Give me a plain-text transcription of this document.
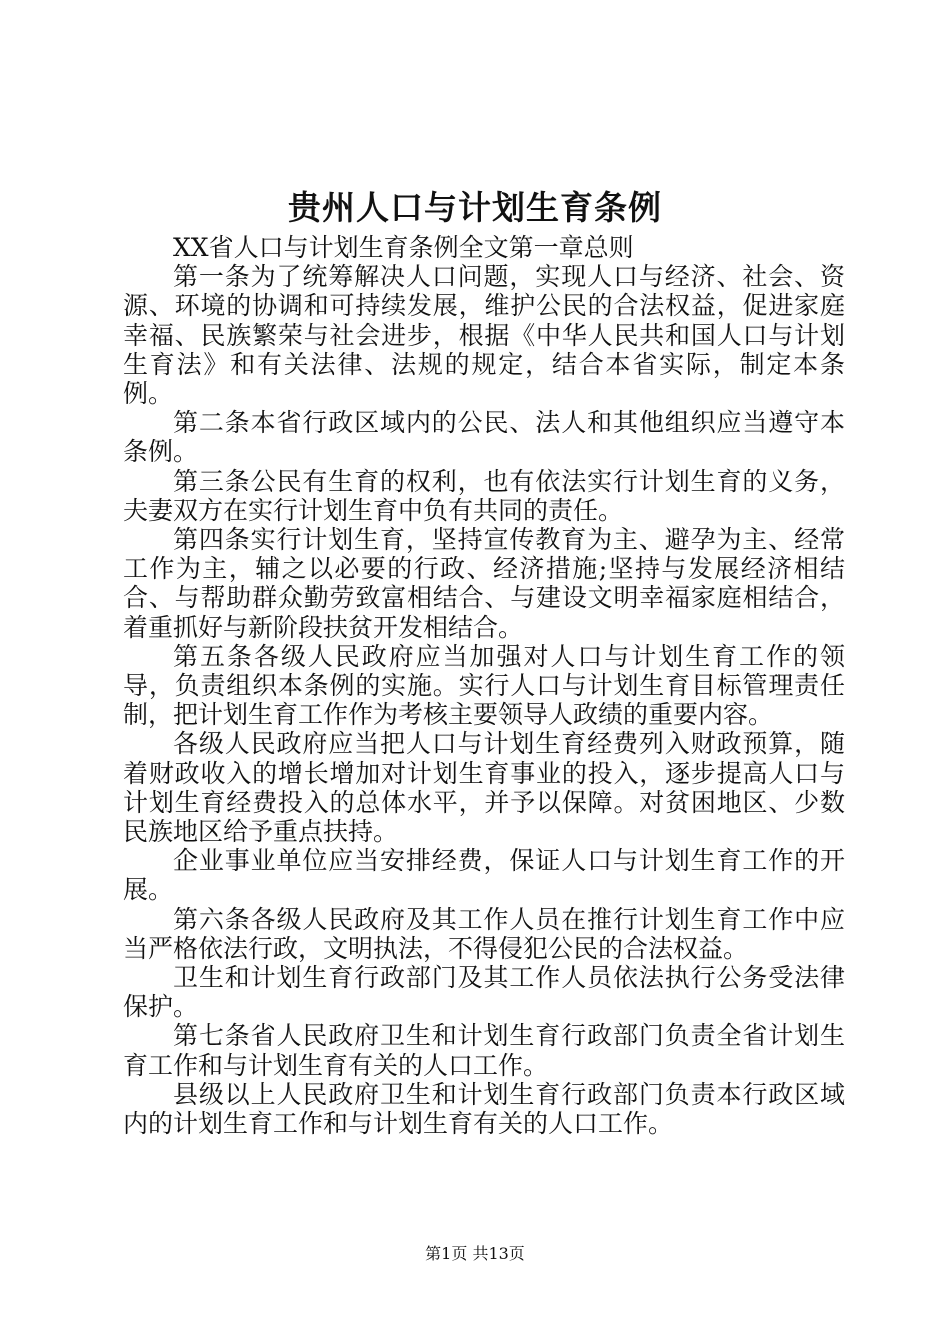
贵州人口与计划生育条例

XX省人口与计划生育条例全文第一章总则

第一条为了统筹解决人口问题，实现人口与经济、社会、资源、环境的协调和可持续发展，维护公民的合法权益，促进家庭幸福、民族繁荣与社会进步，根据《中华人民共和国人口与计划生育法》和有关法律、法规的规定，结合本省实际，制定本条例。

第二条本省行政区域内的公民、法人和其他组织应当遵守本条例。

第三条公民有生育的权利，也有依法实行计划生育的义务，夫妻双方在实行计划生育中负有共同的责任。

第四条实行计划生育，坚持宣传教育为主、避孕为主、经常工作为主，辅之以必要的行政、经济措施;坚持与发展经济相结合、与帮助群众勤劳致富相结合、与建设文明幸福家庭相结合，着重抓好与新阶段扶贫开发相结合。

第五条各级人民政府应当加强对人口与计划生育工作的领导，负责组织本条例的实施。实行人口与计划生育目标管理责任制，把计划生育工作作为考核主要领导人政绩的重要内容。

各级人民政府应当把人口与计划生育经费列入财政预算，随着财政收入的增长增加对计划生育事业的投入，逐步提高人口与计划生育经费投入的总体水平，并予以保障。对贫困地区、少数民族地区给予重点扶持。

企业事业单位应当安排经费，保证人口与计划生育工作的开展。

第六条各级人民政府及其工作人员在推行计划生育工作中应当严格依法行政，文明执法，不得侵犯公民的合法权益。

卫生和计划生育行政部门及其工作人员依法执行公务受法律保护。

第七条省人民政府卫生和计划生育行政部门负责全省计划生育工作和与计划生育有关的人口工作。

县级以上人民政府卫生和计划生育行政部门负责本行政区域内的计划生育工作和与计划生育有关的人口工作。

第1页 共13页
